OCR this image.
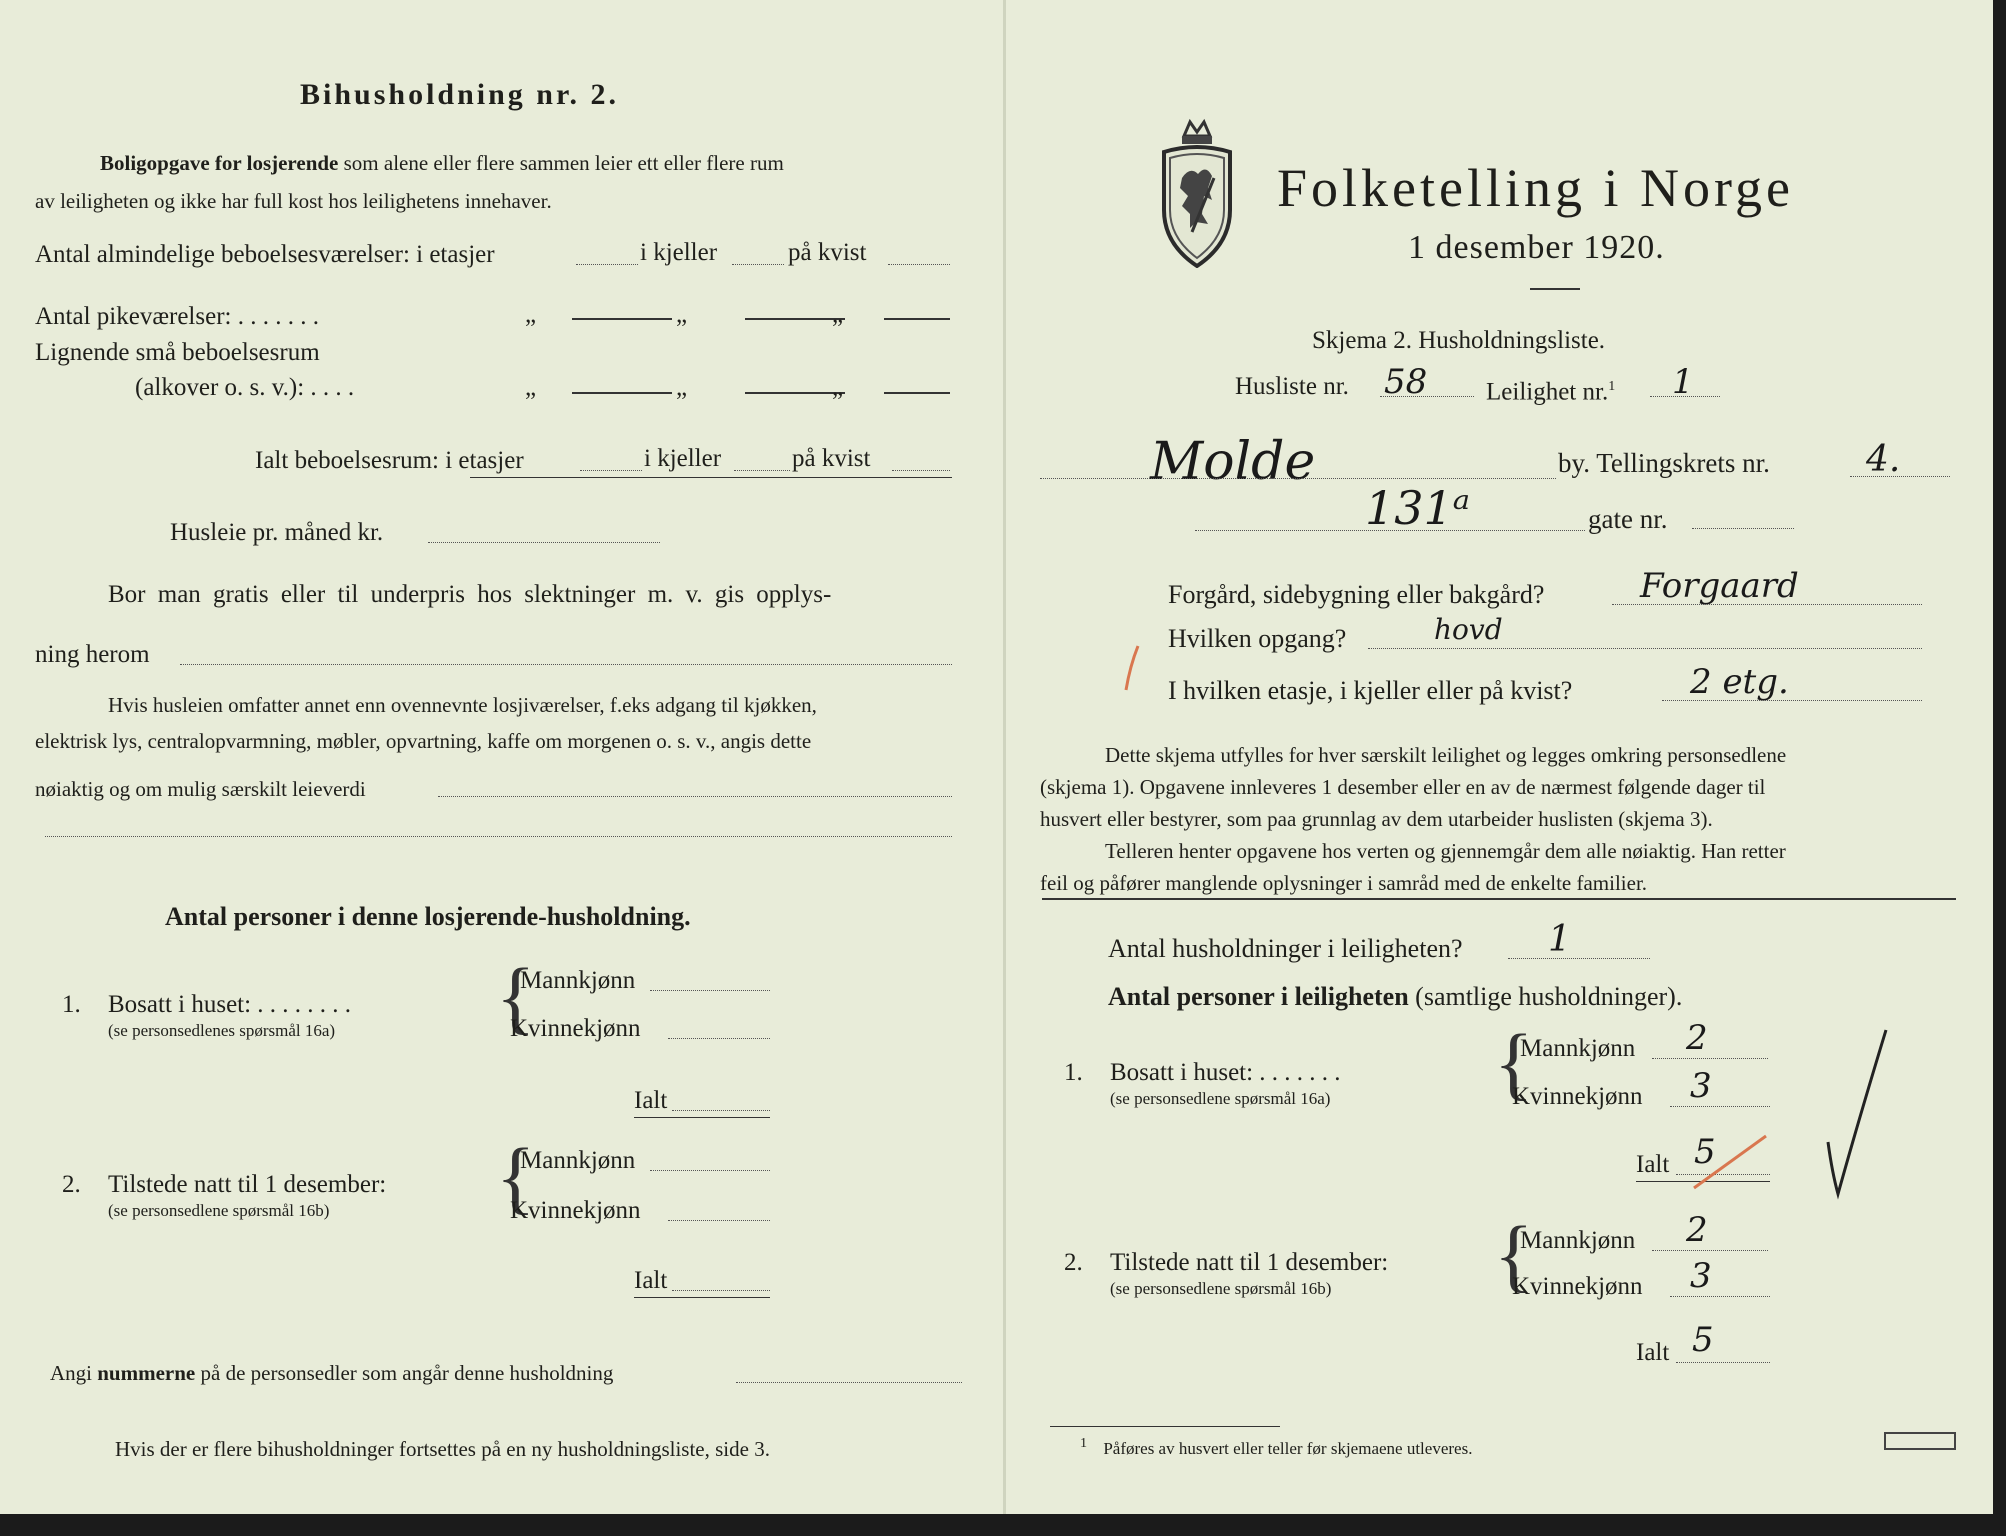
Bihusholdning nr. 2.
Boligopgave for losjerende som alene eller flere sammen leier ett eller flere rum
av leiligheten og ikke har full kost hos leilighetens innehaver.
Antal almindelige beboelsesværelser: i etasjer	i kjeller	på kvist
Antal pikeværelser: . . . . . . .	„	„	„
Lignende små beboelsesrum
(alkover o. s. v.): . . . .	„	„	„
Ialt beboelsesrum: i etasjer	i kjeller	på kvist
Husleie pr. måned kr.
Bor man gratis eller til underpris hos slektninger m. v. gis opplys-
ning herom
Hvis husleien omfatter annet enn ovennevnte losjiværelser, f.eks adgang til kjøkken,
elektrisk lys, centralopvarmning, møbler, opvartning, kaffe om morgenen o. s. v., angis dette
nøiaktig og om mulig særskilt leieverdi
Antal personer i denne losjerende-husholdning.
1. Bosatt i huset: . . . . . . . .
(se personsedlenes spørsmål 16a) {
Mannkjønn
Kvinnekjønn
Ialt
2. Tilstede natt til 1 desember:
(se personsedlene spørsmål 16b) {
Mannkjønn
Kvinnekjønn
Ialt
Angi nummerne på de personsedler som angår denne husholdning
Hvis der er flere bihusholdninger fortsettes på en ny husholdningsliste, side 3.
Folketelling i Norge
1 desember 1920.
Skjema 2. Husholdningsliste.
Husliste nr. 58 Leilighet nr.$^1$ 1
Molde	by. Tellingskrets nr.	4.
131ᵃ	gate nr.
Forgård, sidebygning eller bakgård?	Forgaard
Hvilken opgang?	hovd
I hvilken etasje, i kjeller eller på kvist?	2 etg.
Dette skjema utfylles for hver særskilt leilighet og legges omkring personsedlene
(skjema 1). Opgavene innleveres 1 desember eller en av de nærmest følgende dager til
husvert eller bestyrer, som paa grunnlag av dem utarbeider huslisten (skjema 3).
Telleren henter opgavene hos verten og gjennemgår dem alle nøiaktig. Han retter
feil og påfører manglende oplysninger i samråd med de enkelte familier.
Antal husholdninger i leiligheten? 1
Antal personer i leiligheten (samtlige husholdninger).
1. Bosatt i huset: . . . . . . .
(se personsedlene spørsmål 16a) {
Mannkjønn 2
Kvinnekjønn 3
Ialt 5
2. Tilstede natt til 1 desember:
(se personsedlene spørsmål 16b) {
Mannkjønn 2
Kvinnekjønn 3
Ialt 5
$^1$ Påføres av husvert eller teller før skjemaene utleveres.
